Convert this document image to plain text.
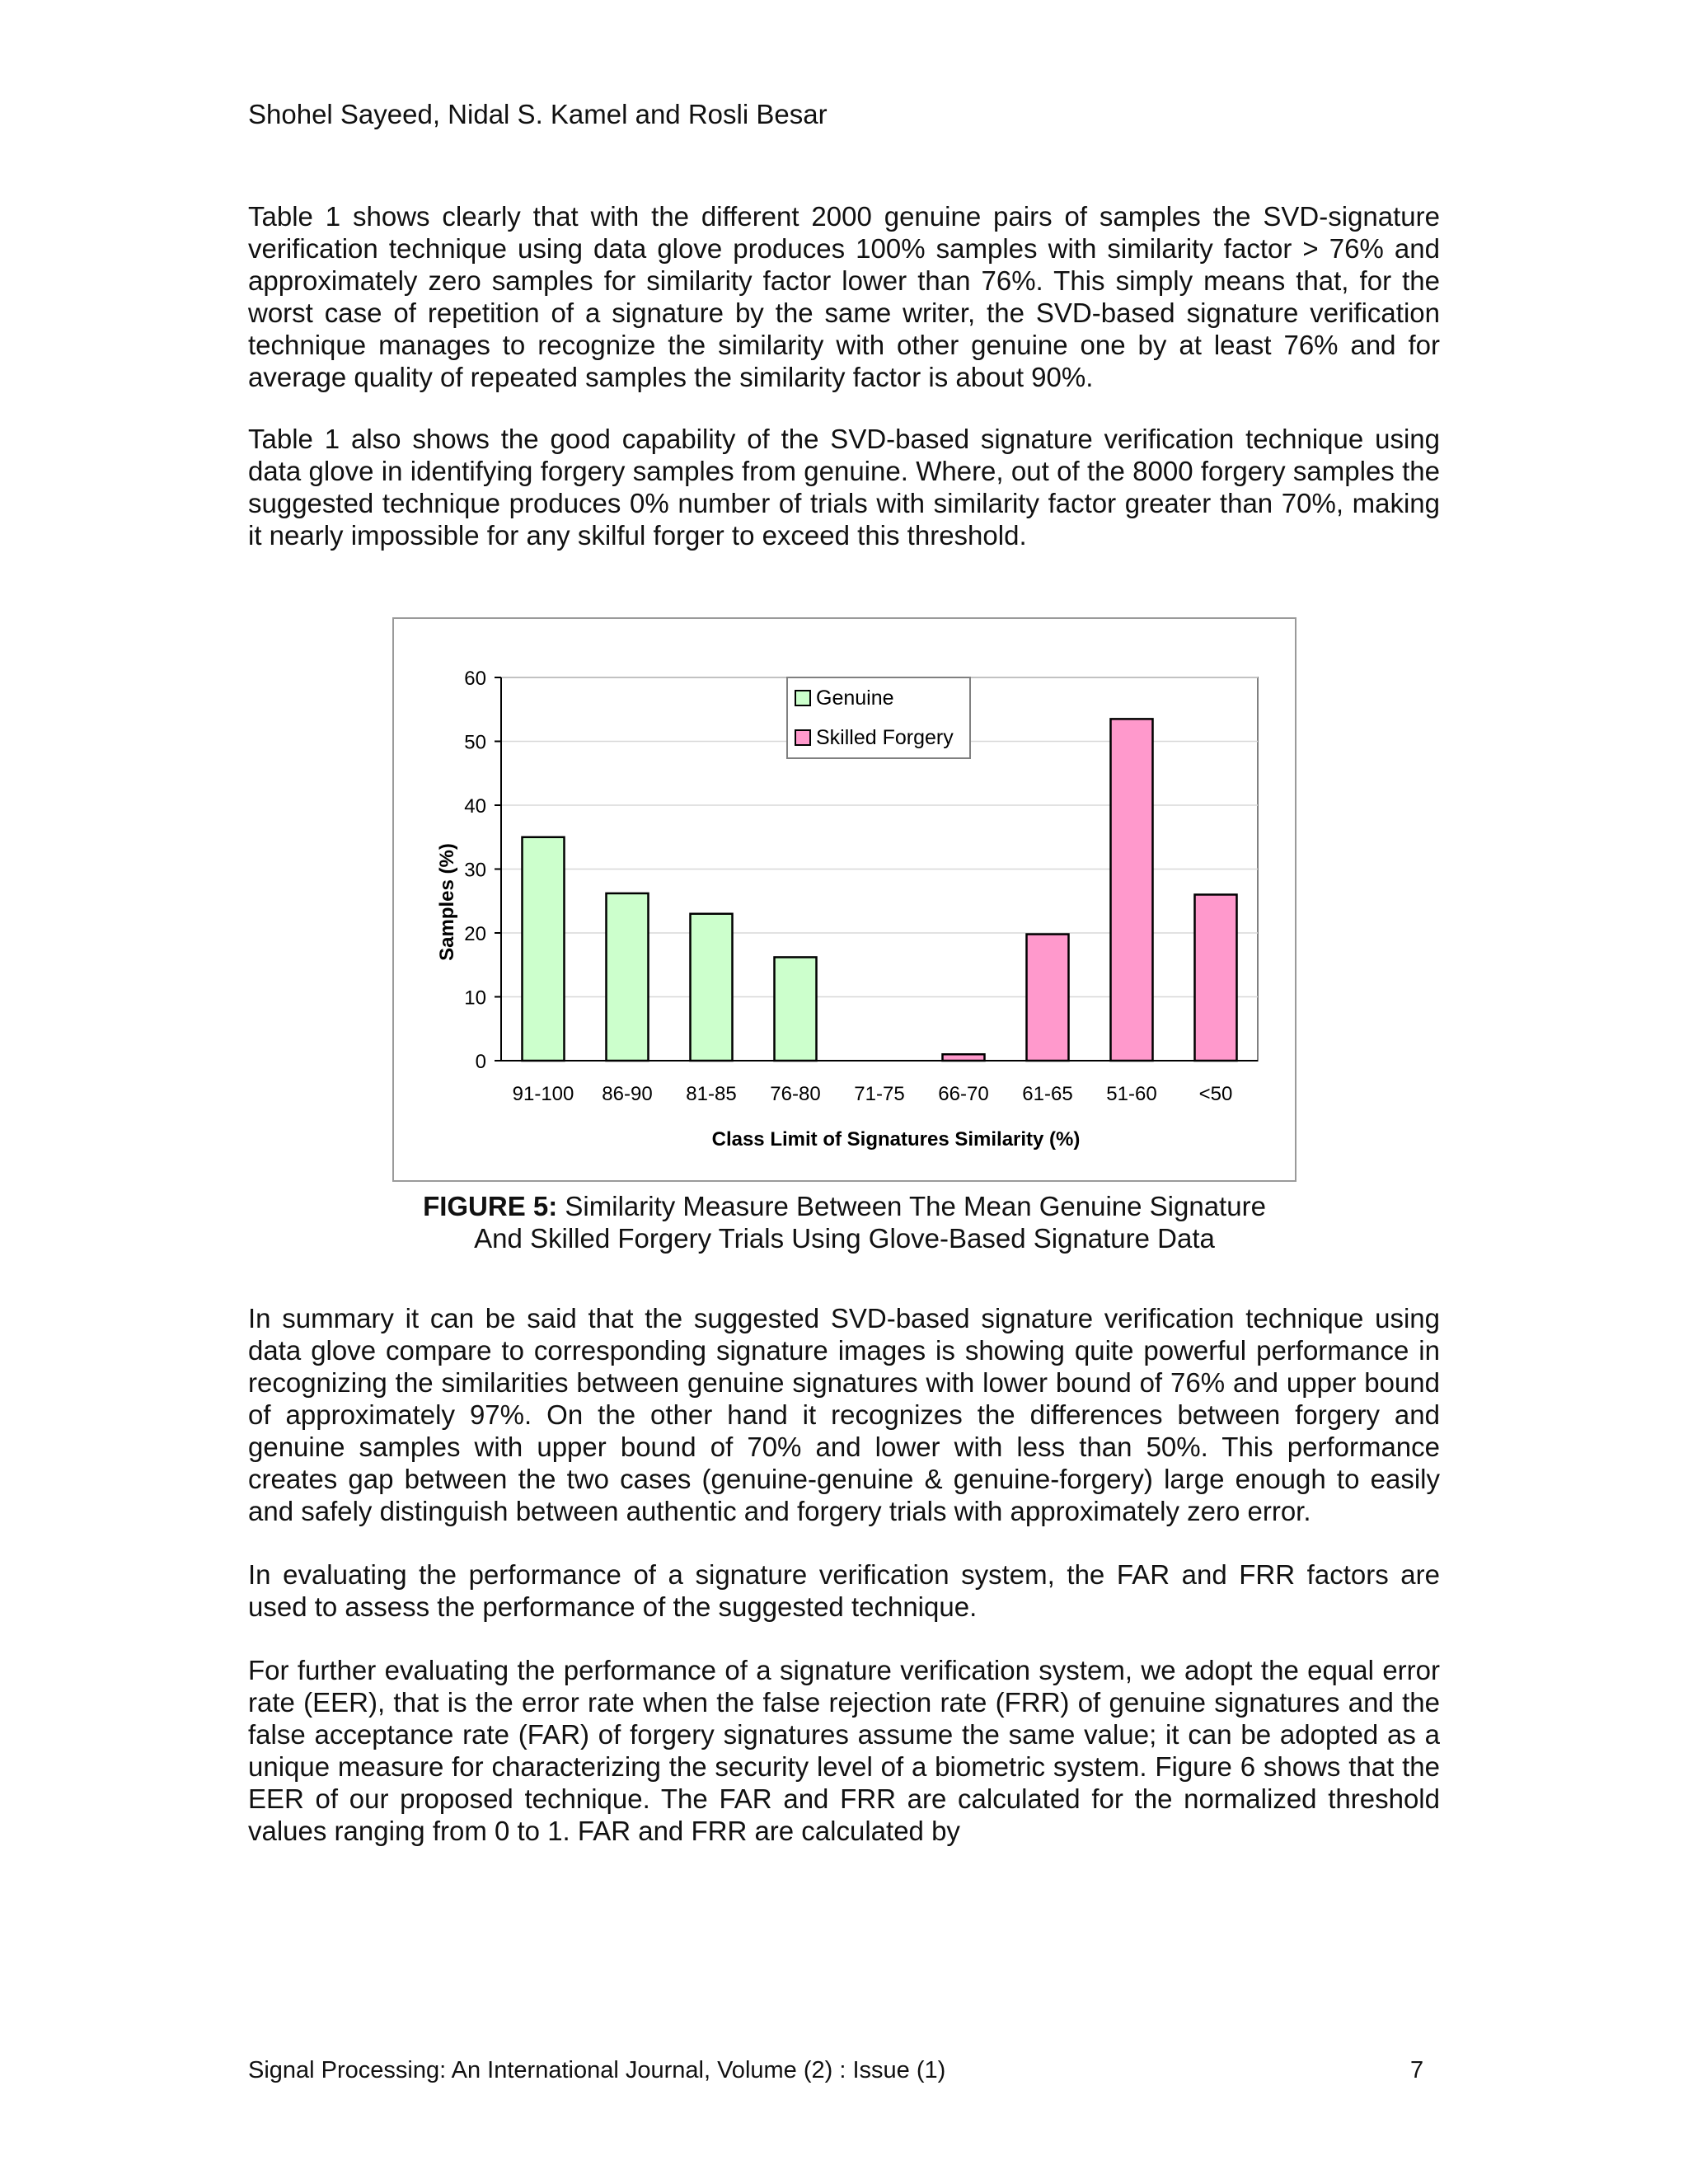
Shohel Sayeed, Nidal S. Kamel and Rosli Besar

Table 1 shows clearly that with the different 2000 genuine pairs of samples the SVD-signature verification technique using data glove produces 100% samples with similarity factor > 76% and approximately zero samples for similarity factor lower than 76%. This simply means that, for the worst case of repetition of a signature by the same writer, the SVD-based signature verification technique manages to recognize the similarity with other genuine one by at least 76% and for average quality of repeated samples the similarity factor is about 90%.

Table 1 also shows the good capability of the SVD-based signature verification technique using data glove in identifying forgery samples from genuine. Where, out of the 8000 forgery samples the suggested technique produces 0% number of trials with similarity factor greater than 70%, making it nearly impossible for any skilful forger to exceed this threshold.

0
10
20
30
40
50
60
91-100 86-90 81-85 76-80 71-75 66-70 61-65 51-60 <50
Class Limit of Signatures Similarity (%)
Samples (%)
Genuine
Skilled Forgery
FIGURE 5: Similarity Measure Between The Mean Genuine Signature
And Skilled Forgery Trials Using Glove-Based Signature Data

In summary it can be said that the suggested SVD-based signature verification technique using data glove compare to corresponding signature images is showing quite powerful performance in recognizing the similarities between genuine signatures with lower bound of 76% and upper bound of approximately 97%. On the other hand it recognizes the differences between forgery and genuine samples with upper bound of 70% and lower with less than 50%. This performance creates gap between the two cases (genuine-genuine & genuine-forgery) large enough to easily and safely distinguish between authentic and forgery trials with approximately zero error.

In evaluating the performance of a signature verification system, the FAR and FRR factors are used to assess the performance of the suggested technique.

For further evaluating the performance of a signature verification system, we adopt the equal error rate (EER), that is the error rate when the false rejection rate (FRR) of genuine signatures and the false acceptance rate (FAR) of forgery signatures assume the same value; it can be adopted as a unique measure for characterizing the security level of a biometric system. Figure 6 shows that the EER of our proposed technique. The FAR and FRR are calculated for the normalized threshold values ranging from 0 to 1. FAR and FRR are calculated by

Signal Processing: An International Journal, Volume (2) : Issue (1)	7
